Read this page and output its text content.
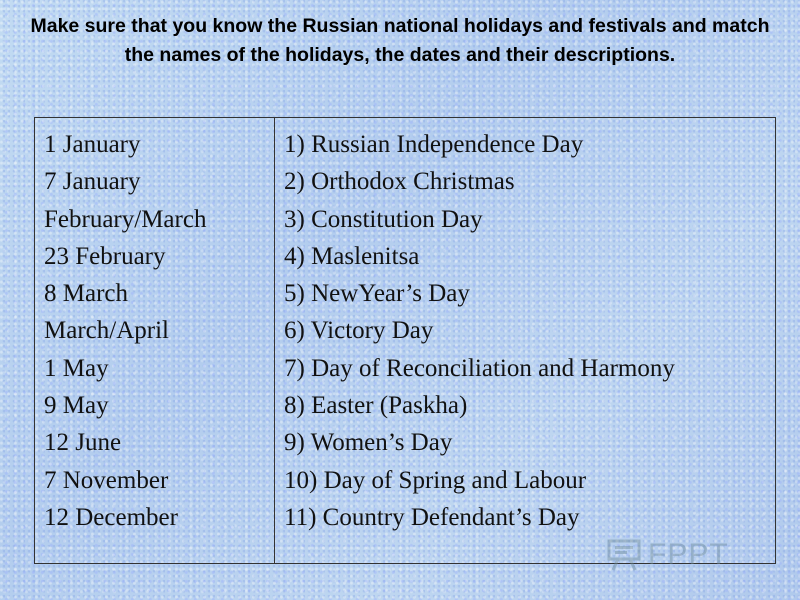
Make sure that you know the Russian national holidays and festivals and match the names of the holidays, the dates and their descriptions.
1 January
7 January
February/March
23 February
8 March
March/April
1 May
9 May
12 June
7 November
12 December
1) Russian Independence Day
2) Orthodox Christmas
3) Constitution Day
4) Maslenitsa
5) NewYear’s Day
6) Victory Day
7) Day of Reconciliation and Harmony
8) Easter (Paskha)
9) Women’s Day
10) Day of Spring and Labour
11) Country Defendant’s Day
FPPT
